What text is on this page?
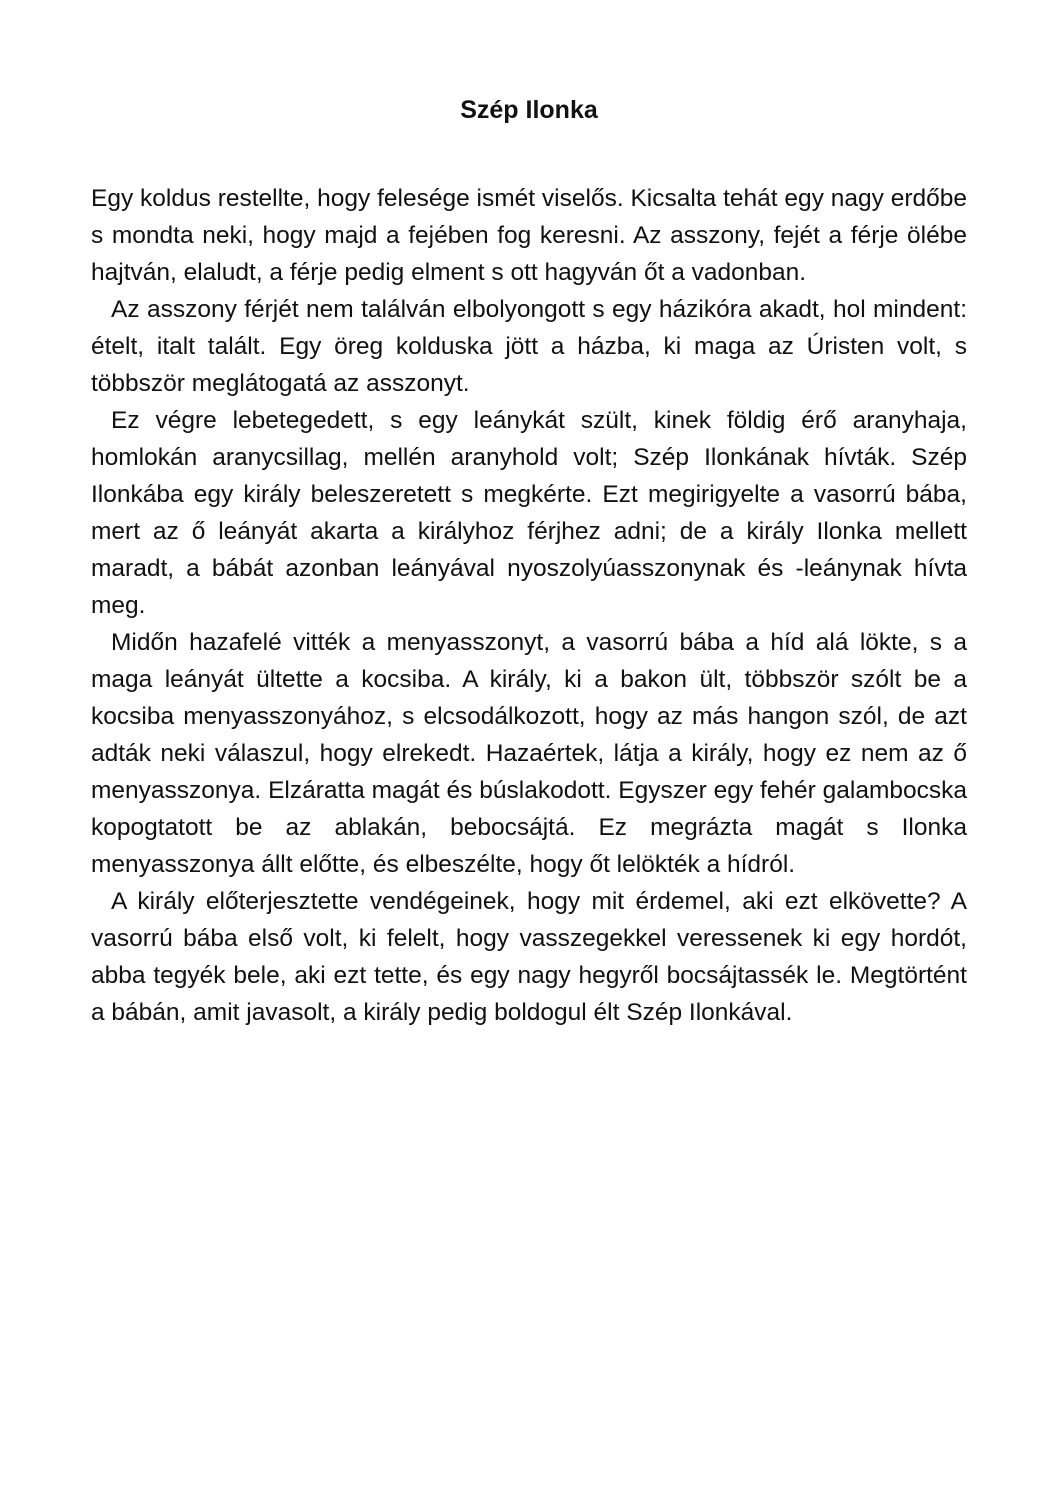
Szép Ilonka

Egy koldus restellte, hogy felesége ismét viselős. Kicsalta tehát egy nagy erdőbe s mondta neki, hogy majd a fejében fog keresni. Az asszony, fejét a férje ölébe hajtván, elaludt, a férje pedig elment s ott hagyván őt a vadonban.

Az asszony férjét nem találván elbolyongott s egy házikóra akadt, hol mindent: ételt, italt talált. Egy öreg kolduska jött a házba, ki maga az Úristen volt, s többször meglátogatá az asszonyt.

Ez végre lebetegedett, s egy leánykát szült, kinek földig érő aranyhaja, homlokán aranycsillag, mellén aranyhold volt; Szép Ilonkának hívták. Szép Ilonkába egy király beleszeretett s megkérte. Ezt megirigyelte a vasorrú bába, mert az ő leányát akarta a királyhoz férjhez adni; de a király Ilonka mellett maradt, a bábát azonban leányával nyoszolyúasszonynak és -leánynak hívta meg.

Midőn hazafelé vitték a menyasszonyt, a vasorrú bába a híd alá lökte, s a maga leányát ültette a kocsiba. A király, ki a bakon ült, többször szólt be a kocsiba menyasszonyához, s elcsodálkozott, hogy az más hangon szól, de azt adták neki válaszul, hogy elrekedt. Hazaértek, látja a király, hogy ez nem az ő menyasszonya. Elzáratta magát és búslakodott. Egyszer egy fehér galambocska kopogtatott be az ablakán, bebocsájtá. Ez megrázta magát s Ilonka menyasszonya állt előtte, és elbeszélte, hogy őt lelökték a hídról.

A király előterjesztette vendégeinek, hogy mit érdemel, aki ezt elkövette? A vasorrú bába első volt, ki felelt, hogy vasszegekkel veressenek ki egy hordót, abba tegyék bele, aki ezt tette, és egy nagy hegyről bocsájtassék le. Megtörtént a bábán, amit javasolt, a király pedig boldogul élt Szép Ilonkával.
